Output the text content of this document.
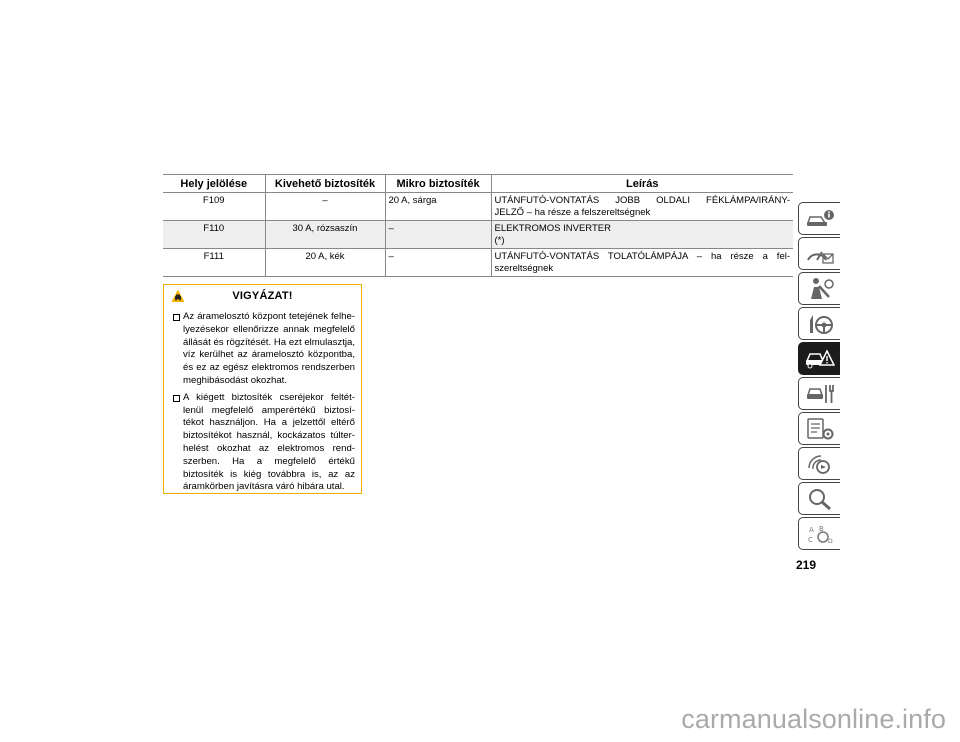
Hely jelölése	Kivehető biztosíték	Mikro biztosíték	Leírás
F109	–	20 A, sárga	UTÁNFUTÓ-VONTATÁS JOBB OLDALI FÉKLÁMPA/IRÁNY-
JELZŐ – ha része a felszereltségnek

F110	30 A, rózsaszín	–	ELEKTROMOS INVERTER
(*)

F111	20 A, kék	–	UTÁNFUTÓ-VONTATÁS TOLATÓLÁMPÁJA – ha része a fel-
szereltségnek
VIGYÁZAT!
Az áramelosztó központ tetejének felhe-lyezésekor ellenőrizze annak megfelelő állását és rögzítését. Ha ezt elmulasztja, víz kerülhet az áramelosztó központba, és ez az egész elektromos rendszerben meghibásodást okozhat.
A kiégett biztosíték cseréjekor feltét-lenül megfelelő amperértékű biztosí-tékot használjon. Ha a jelzettől eltérő biztosítékot használ, kockázatos túlter-helést okozhat az elektromos rend-szerben. Ha a megfelelő értékű biztosíték is kiég továbbra is, az az áramkörben javításra váró hibára utal.
A B
C	Ω
219
carmanualsonline.info
